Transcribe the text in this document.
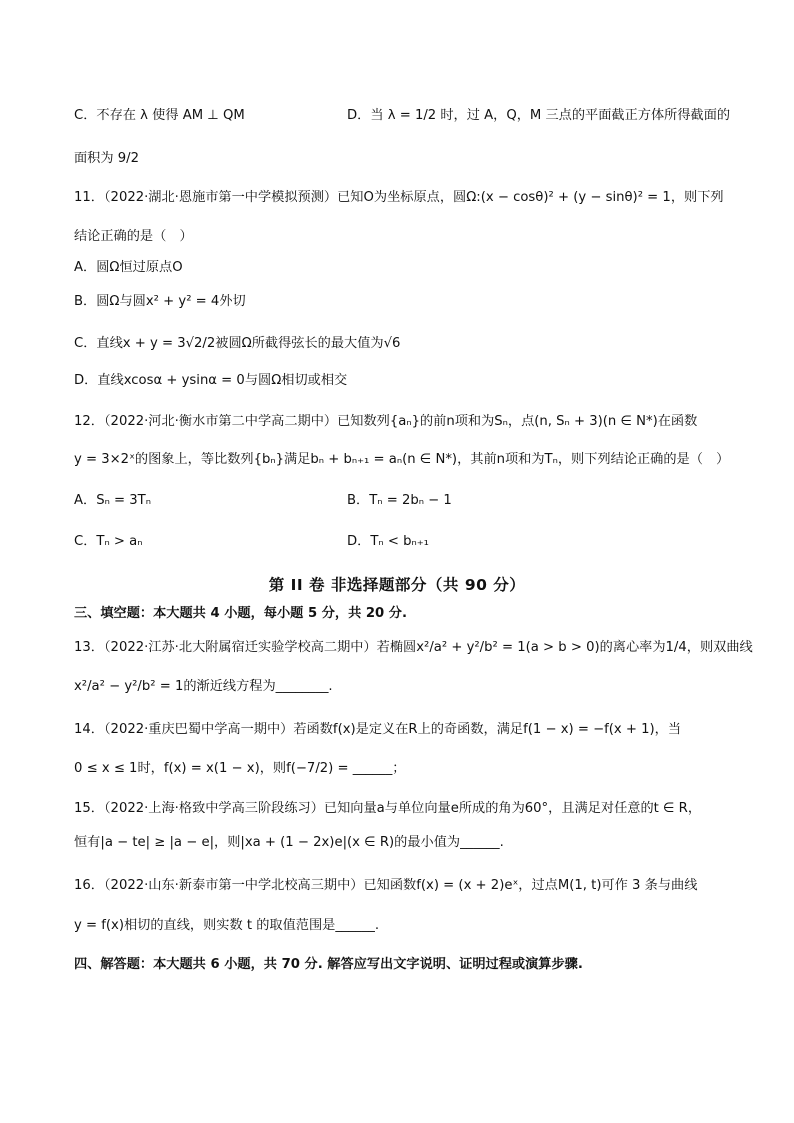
C．不存在 λ 使得 AM ⊥ QM	D．当 λ = 1/2 时，过 A，Q，M 三点的平面截正方体所得截面的
面积为 9/2
11．（2022·湖北·恩施市第一中学模拟预测）已知O为坐标原点，圆Ω:(x − cosθ)² + (y − sinθ)² = 1，则下列
结论正确的是（　）
A．圆Ω恒过原点O
B．圆Ω与圆x² + y² = 4外切
C．直线x + y = 3√2/2被圆Ω所截得弦长的最大值为√6
D．直线xcosα + ysinα = 0与圆Ω相切或相交
12．（2022·河北·衡水市第二中学高二期中）已知数列{aₙ}的前n项和为Sₙ，点(n, Sₙ + 3)(n ∈ N*)在函数
y = 3×2ˣ的图象上，等比数列{bₙ}满足bₙ + bₙ₊₁ = aₙ(n ∈ N*)，其前n项和为Tₙ，则下列结论正确的是（　）
A．Sₙ = 3Tₙ	B．Tₙ = 2bₙ − 1
C．Tₙ > aₙ	D．Tₙ < bₙ₊₁
第 II 卷 非选择题部分（共 90 分）
三、填空题：本大题共 4 小题，每小题 5 分，共 20 分.
13．（2022·江苏·北大附属宿迁实验学校高二期中）若椭圆x²/a² + y²/b² = 1(a > b > 0)的离心率为1/4，则双曲线
x²/a² − y²/b² = 1的渐近线方程为________.
14．（2022·重庆巴蜀中学高一期中）若函数f(x)是定义在R上的奇函数，满足f(1 − x) = −f(x + 1)，当
0 ≤ x ≤ 1时，f(x) = x(1 − x)，则f(−7/2) = ______；
15．（2022·上海·格致中学高三阶段练习）已知向量a与单位向量e所成的角为60°，且满足对任意的t ∈ R，
恒有|a − te| ≥ |a − e|，则|xa + (1 − 2x)e|(x ∈ R)的最小值为______.
16．（2022·山东·新泰市第一中学北校高三期中）已知函数f(x) = (x + 2)eˣ，过点M(1, t)可作 3 条与曲线
y = f(x)相切的直线，则实数 t 的取值范围是______.
四、解答题：本大题共 6 小题，共 70 分. 解答应写出文字说明、证明过程或演算步骤.
